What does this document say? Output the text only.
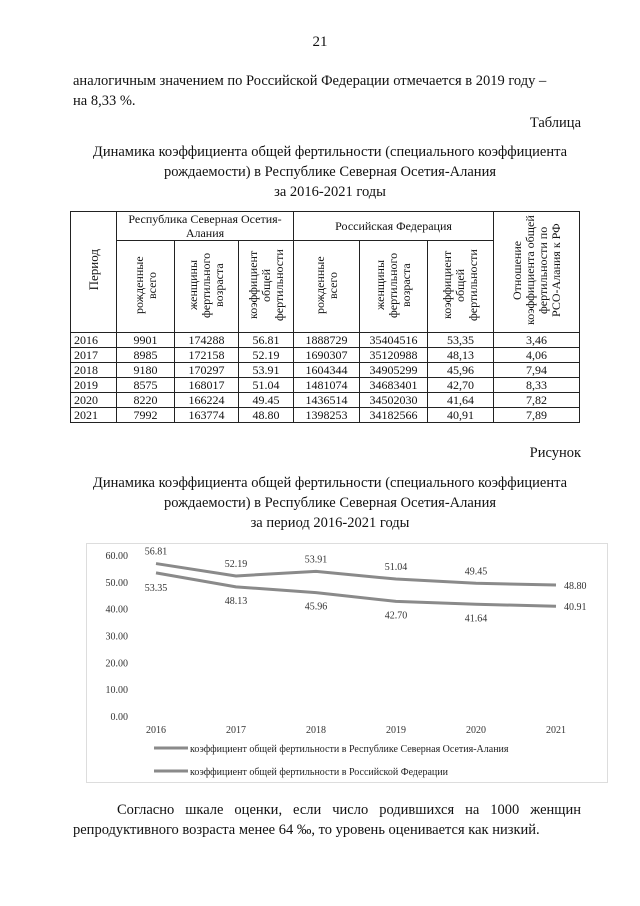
21
аналогичным значением по Российской Федерации отмечается в 2019 году –
на 8,33 %.
Таблица
Динамика коэффициента общей фертильности (специального коэффициента
рождаемости) в Республике Северная Осетия-Алания
за 2016-2021 годы
Период	Республика Северная Осетия-Алания			Российская Федерация			Отношение коэффициента общей фертильности по РСО-Алания к РФ
	рожденные всего	женщины фертильного возраста	коэффициент общей фертильности	рожденные всего	женщины фертильного возраста	коэффициент общей фертильности	
2016	9901	174288	56.81	1888729	35404516	53,35	3,46
2017	8985	172158	52.19	1690307	35120988	48,13	4,06
2018	9180	170297	53.91	1604344	34905299	45,96	7,94
2019	8575	168017	51.04	1481074	34683401	42,70	8,33
2020	8220	166224	49.45	1436514	34502030	41,64	7,82
2021	7992	163774	48.80	1398253	34182566	40,91	7,89
Рисунок
Динамика коэффициента общей фертильности (специального коэффициента
рождаемости) в Республике Северная Осетия-Алания
за период 2016-2021 годы
0.00
10.00
20.00
30.00
40.00
50.00
60.00
2016	2017	2018	2019	2020	2021
56.81
52.19	53.91
51.04	49.45
48.80
53.35
48.13
45.96
42.70	41.64
40.91
коэффициент общей фертильности в Республике Северная Осетия-Алания
коэффициент общей фертильности в Российской Федерации
Согласно шкале оценки, если число родившихся на 1000 женщин
репродуктивного возраста менее 64 ‰, то уровень оценивается как низкий.
